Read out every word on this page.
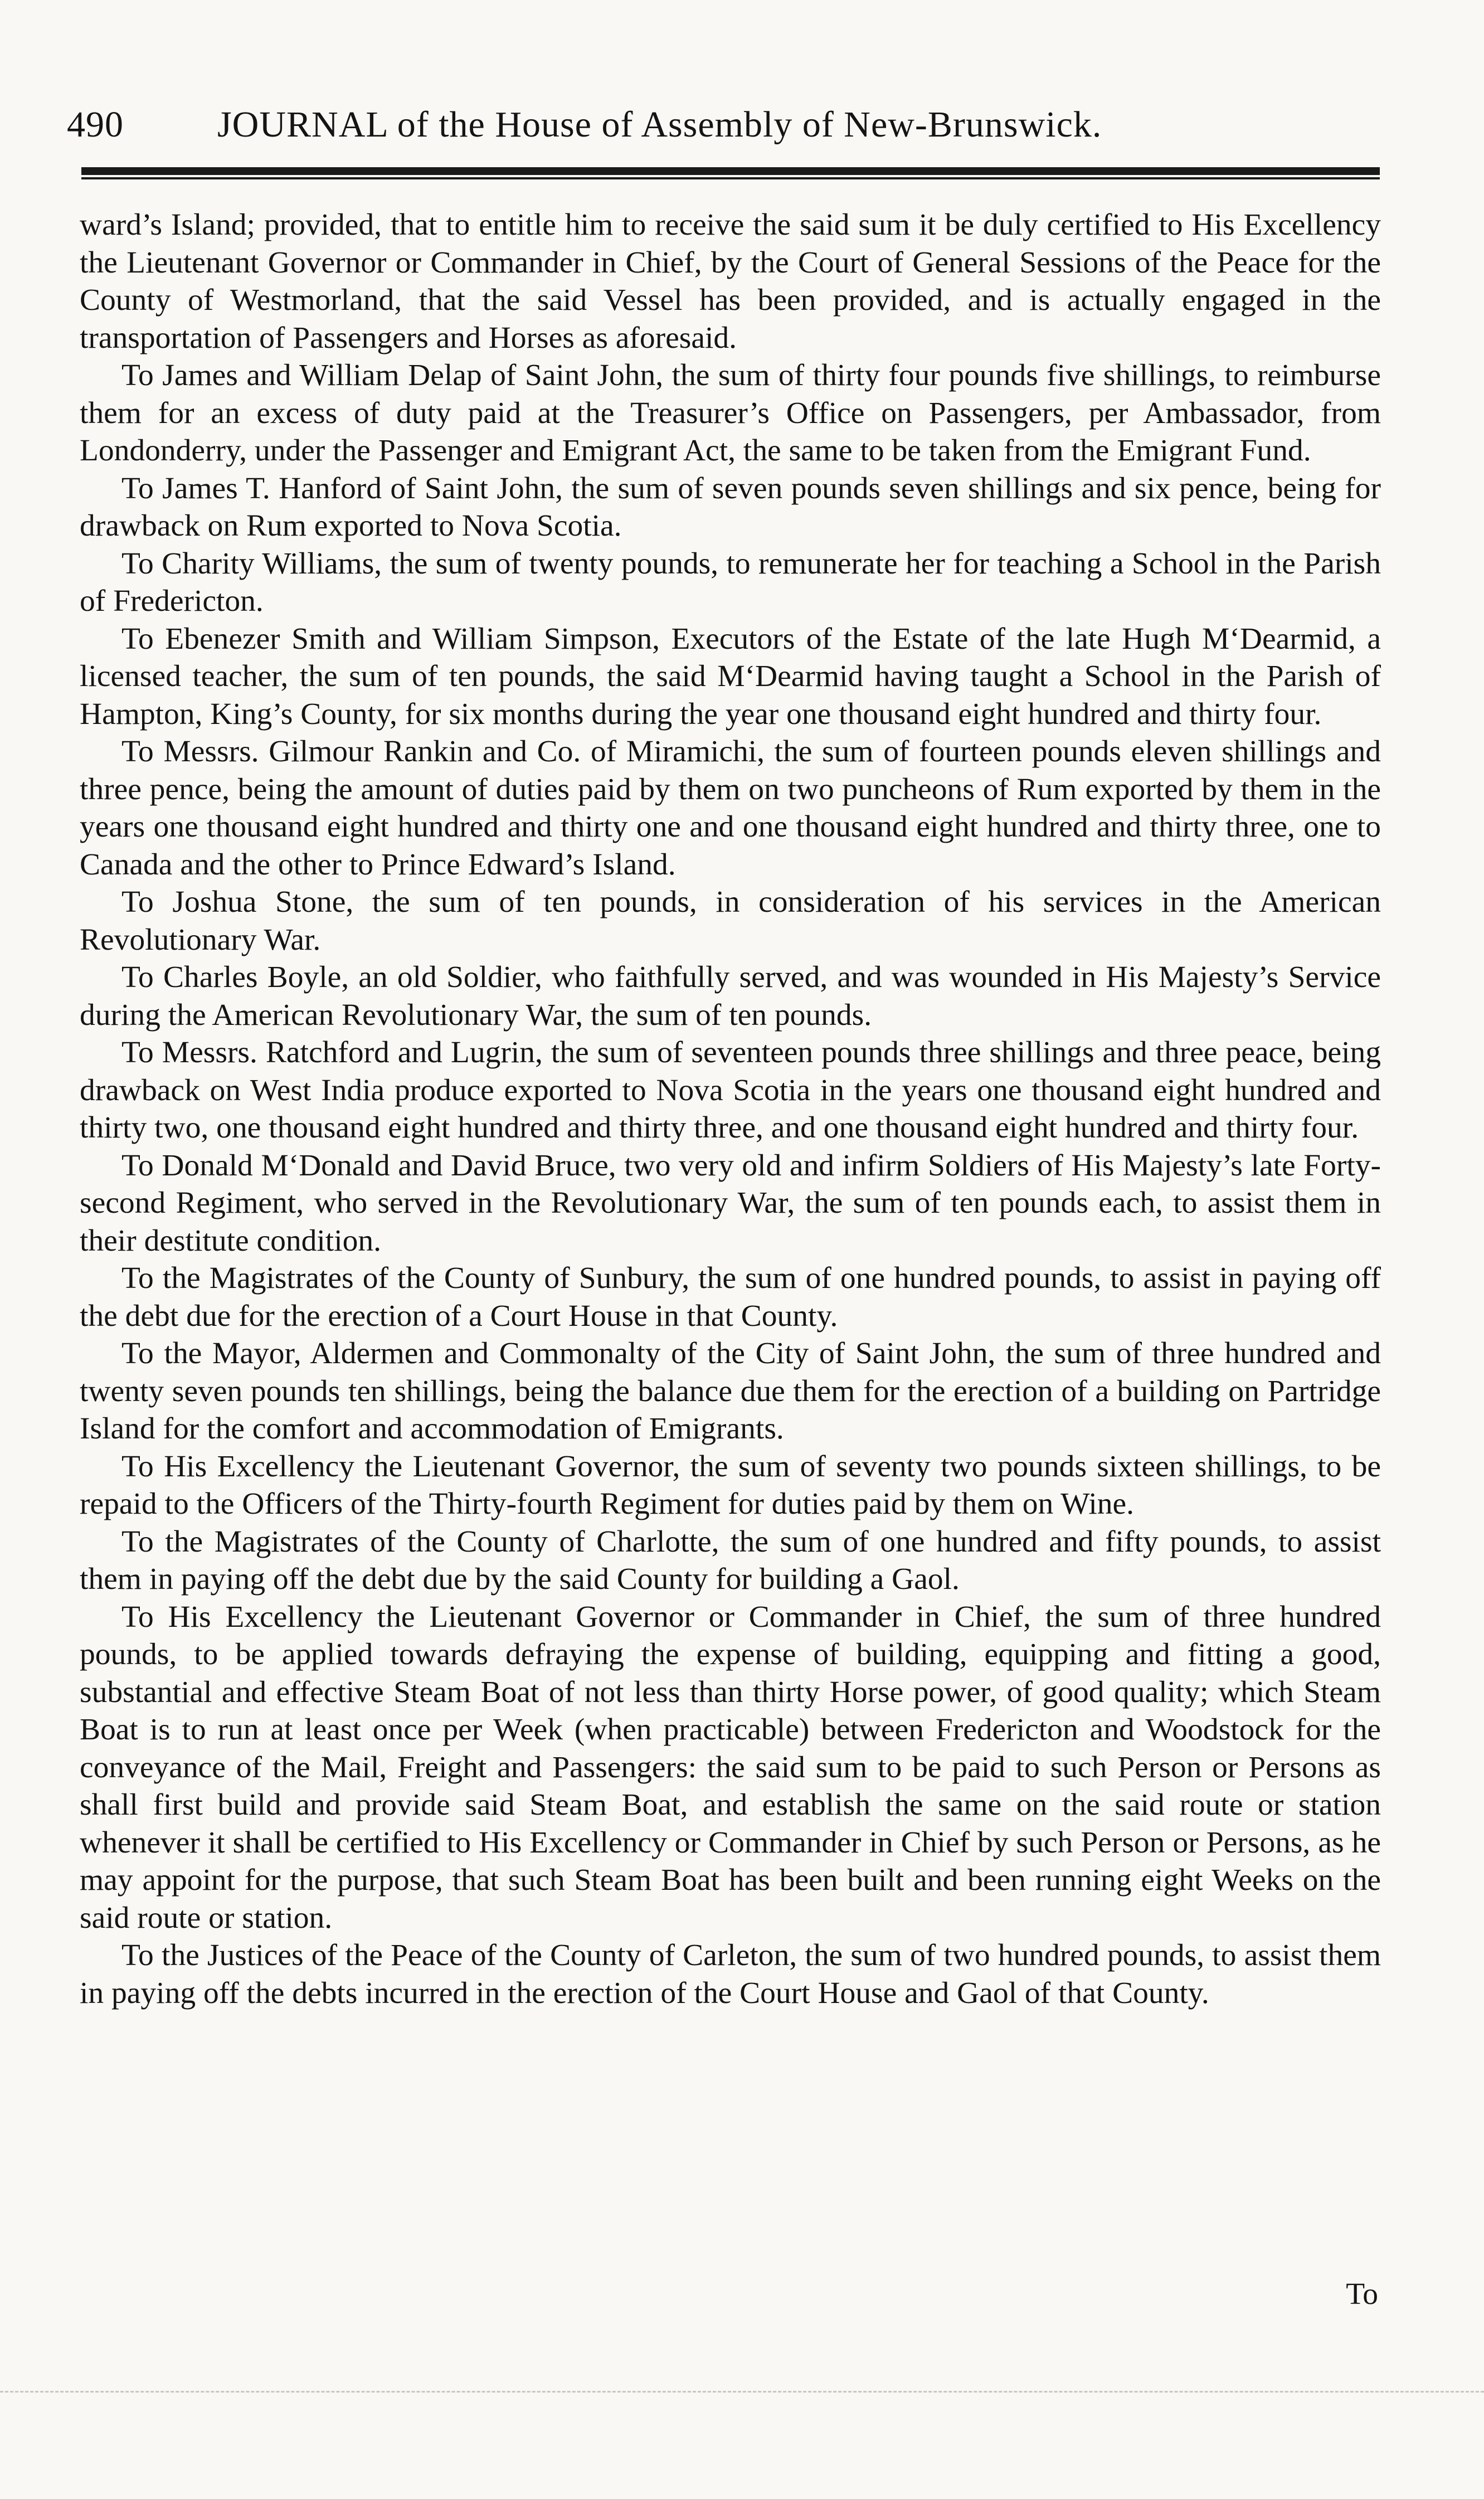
490	JOURNAL of the House of Assembly of New-Brunswick.

ward’s Island; provided, that to entitle him to receive the said sum it be duly certified to His Excellency the Lieutenant Governor or Commander in Chief, by the Court of General Sessions of the Peace for the County of Westmorland, that the said Vessel has been provided, and is actually engaged in the transportation of Passengers and Horses as aforesaid.

To James and William Delap of Saint John, the sum of thirty four pounds five shillings, to reimburse them for an excess of duty paid at the Treasurer’s Office on Passengers, per Ambassador, from Londonderry, under the Passenger and Emigrant Act, the same to be taken from the Emigrant Fund.

To James T. Hanford of Saint John, the sum of seven pounds seven shillings and six pence, being for drawback on Rum exported to Nova Scotia.

To Charity Williams, the sum of twenty pounds, to remunerate her for teaching a School in the Parish of Fredericton.

To Ebenezer Smith and William Simpson, Executors of the Estate of the late Hugh M‘Dearmid, a licensed teacher, the sum of ten pounds, the said M‘Dearmid having taught a School in the Parish of Hampton, King’s County, for six months during the year one thousand eight hundred and thirty four.

To Messrs. Gilmour Rankin and Co. of Miramichi, the sum of fourteen pounds eleven shillings and three pence, being the amount of duties paid by them on two puncheons of Rum exported by them in the years one thousand eight hundred and thirty one and one thousand eight hundred and thirty three, one to Canada and the other to Prince Edward’s Island.

To Joshua Stone, the sum of ten pounds, in consideration of his services in the American Revolutionary War.

To Charles Boyle, an old Soldier, who faithfully served, and was wounded in His Majesty’s Service during the American Revolutionary War, the sum of ten pounds.

To Messrs. Ratchford and Lugrin, the sum of seventeen pounds three shillings and three peace, being drawback on West India produce exported to Nova Scotia in the years one thousand eight hundred and thirty two, one thousand eight hundred and thirty three, and one thousand eight hundred and thirty four.

To Donald M‘Donald and David Bruce, two very old and infirm Soldiers of His Majesty’s late Forty-second Regiment, who served in the Revolutionary War, the sum of ten pounds each, to assist them in their destitute condition.

To the Magistrates of the County of Sunbury, the sum of one hundred pounds, to assist in paying off the debt due for the erection of a Court House in that County.

To the Mayor, Aldermen and Commonalty of the City of Saint John, the sum of three hundred and twenty seven pounds ten shillings, being the balance due them for the erection of a building on Partridge Island for the comfort and accommodation of Emigrants.

To His Excellency the Lieutenant Governor, the sum of seventy two pounds sixteen shillings, to be repaid to the Officers of the Thirty-fourth Regiment for duties paid by them on Wine.

To the Magistrates of the County of Charlotte, the sum of one hundred and fifty pounds, to assist them in paying off the debt due by the said County for building a Gaol.

To His Excellency the Lieutenant Governor or Commander in Chief, the sum of three hundred pounds, to be applied towards defraying the expense of building, equipping and fitting a good, substantial and effective Steam Boat of not less than thirty Horse power, of good quality; which Steam Boat is to run at least once per Week (when practicable) between Fredericton and Woodstock for the conveyance of the Mail, Freight and Passengers: the said sum to be paid to such Person or Persons as shall first build and provide said Steam Boat, and establish the same on the said route or station whenever it shall be certified to His Excellency or Commander in Chief by such Person or Persons, as he may appoint for the purpose, that such Steam Boat has been built and been running eight Weeks on the said route or station.

To the Justices of the Peace of the County of Carleton, the sum of two hundred pounds, to assist them in paying off the debts incurred in the erection of the Court House and Gaol of that County.

To
